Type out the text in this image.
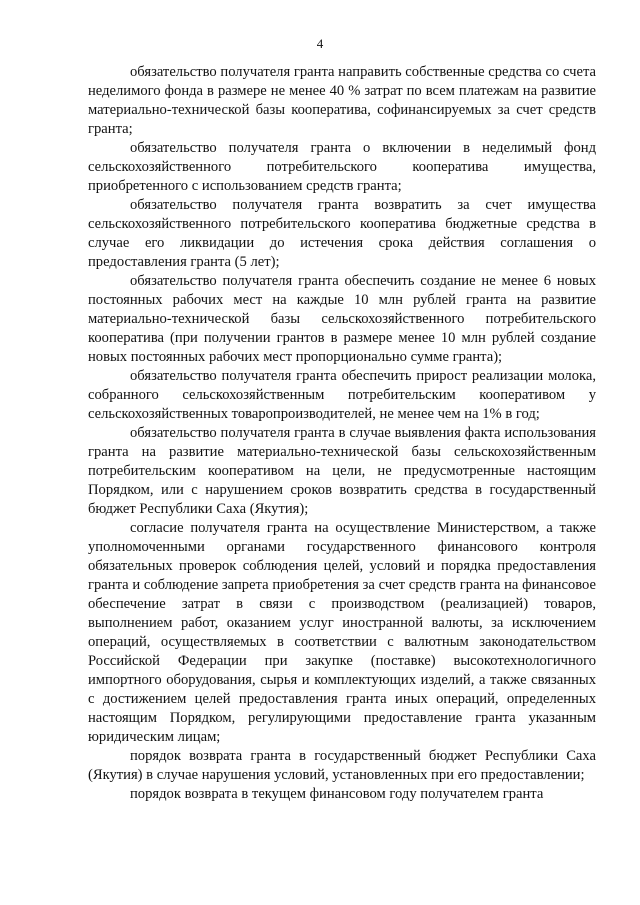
4

обязательство получателя гранта направить собственные средства со счета неделимого фонда в размере не менее 40 % затрат по всем платежам на развитие материально-технической базы кооператива, софинансируемых за счет средств гранта;

обязательство получателя гранта о включении в неделимый фонд сельскохозяйственного потребительского кооператива имущества, приобретенного с использованием средств гранта;

обязательство получателя гранта возвратить за счет имущества сельскохозяйственного потребительского кооператива бюджетные средства в случае его ликвидации до истечения срока действия соглашения о предоставления гранта (5 лет);

обязательство получателя гранта обеспечить создание не менее 6 новых постоянных рабочих мест на каждые 10 млн рублей гранта на развитие материально-технической базы сельскохозяйственного потребительского кооператива (при получении грантов в размере менее 10 млн рублей создание новых постоянных рабочих мест пропорционально сумме гранта);

обязательство получателя гранта обеспечить прирост реализации молока, собранного сельскохозяйственным потребительским кооперативом у сельскохозяйственных товаропроизводителей, не менее чем на 1% в год;

обязательство получателя гранта в случае выявления факта использования гранта на развитие материально-технической базы сельскохозяйственным потребительским кооперативом на цели, не предусмотренные настоящим Порядком, или с нарушением сроков возвратить средства в государственный бюджет Республики Саха (Якутия);

согласие получателя гранта на осуществление Министерством, а также уполномоченными органами государственного финансового контроля обязательных проверок соблюдения целей, условий и порядка предоставления гранта и соблюдение запрета приобретения за счет средств гранта на финансовое обеспечение затрат в связи с производством (реализацией) товаров, выполнением работ, оказанием услуг иностранной валюты, за исключением операций, осуществляемых в соответствии с валютным законодательством Российской Федерации при закупке (поставке) высокотехнологичного импортного оборудования, сырья и комплектующих изделий, а также связанных с достижением целей предоставления гранта иных операций, определенных настоящим Порядком, регулирующими предоставление гранта указанным юридическим лицам;

порядок возврата гранта в государственный бюджет Республики Саха (Якутия) в случае нарушения условий, установленных при его предоставлении;

порядок возврата в текущем финансовом году получателем гранта
